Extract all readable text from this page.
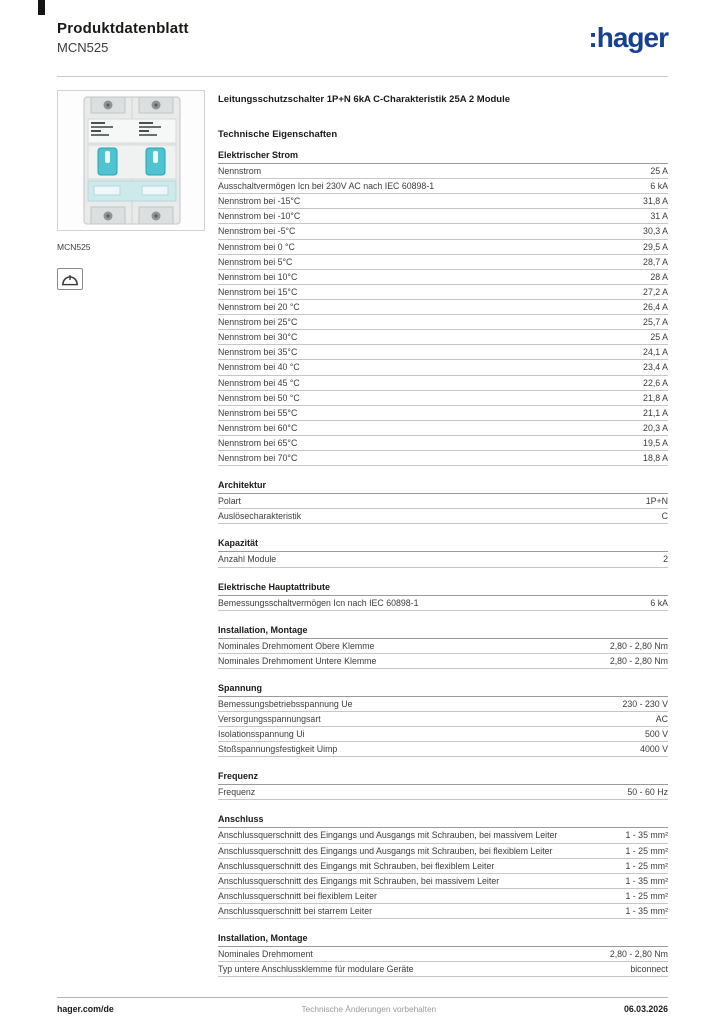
Produktdatenblatt
MCN525	:hager
MCN525
Leitungsschutzschalter 1P+N 6kA C-Charakteristik 25A 2 Module
Technische Eigenschaften
Elektrischer Strom
Nennstrom	25 A
Ausschaltvermögen Icn bei 230V AC nach IEC 60898-1	6 kA
Nennstrom bei -15°C	31,8 A
Nennstrom bei -10°C	31 A
Nennstrom bei -5°C	30,3 A
Nennstrom bei 0 °C	29,5 A
Nennstrom bei 5°C	28,7 A
Nennstrom bei 10°C	28 A
Nennstrom bei 15°C	27,2 A
Nennstrom bei 20 °C	26,4 A
Nennstrom bei 25°C	25,7 A
Nennstrom bei 30°C	25 A
Nennstrom bei 35°C	24,1 A
Nennstrom bei 40 °C	23,4 A
Nennstrom bei 45 °C	22,6 A
Nennstrom bei 50 °C	21,8 A
Nennstrom bei 55°C	21,1 A
Nennstrom bei 60°C	20,3 A
Nennstrom bei 65°C	19,5 A
Nennstrom bei 70°C	18,8 A
Architektur
Polart	1P+N
Auslösecharakteristik	C
Kapazität
Anzahl Module	2
Elektrische Hauptattribute
Bemessungsschaltvermögen Icn nach IEC 60898-1	6 kA
Installation, Montage
Nominales Drehmoment Obere Klemme	2,80 - 2,80 Nm
Nominales Drehmoment Untere Klemme	2,80 - 2,80 Nm
Spannung
Bemessungsbetriebsspannung Ue	230 - 230 V
Versorgungsspannungsart	AC
Isolationsspannung Ui	500 V
Stoßspannungsfestigkeit Uimp	4000 V
Frequenz
Frequenz	50 - 60 Hz
Anschluss
Anschlussquerschnitt des Eingangs und Ausgangs mit Schrauben, bei massivem Leiter	1 - 35 mm²
Anschlussquerschnitt des Eingangs und Ausgangs mit Schrauben, bei flexiblem Leiter	1 - 25 mm²
Anschlussquerschnitt des Eingangs mit Schrauben, bei flexiblem Leiter	1 - 25 mm²
Anschlussquerschnitt des Eingangs mit Schrauben, bei massivem Leiter	1 - 35 mm²
Anschlussquerschnitt bei flexiblem Leiter	1 - 25 mm²
Anschlussquerschnitt bei starrem Leiter	1 - 35 mm²
Installation, Montage
Nominales Drehmoment	2,80 - 2,80 Nm
Typ untere Anschlussklemme für modulare Geräte	biconnect
hager.com/de	Technische Änderungen vorbehalten	06.03.2026
